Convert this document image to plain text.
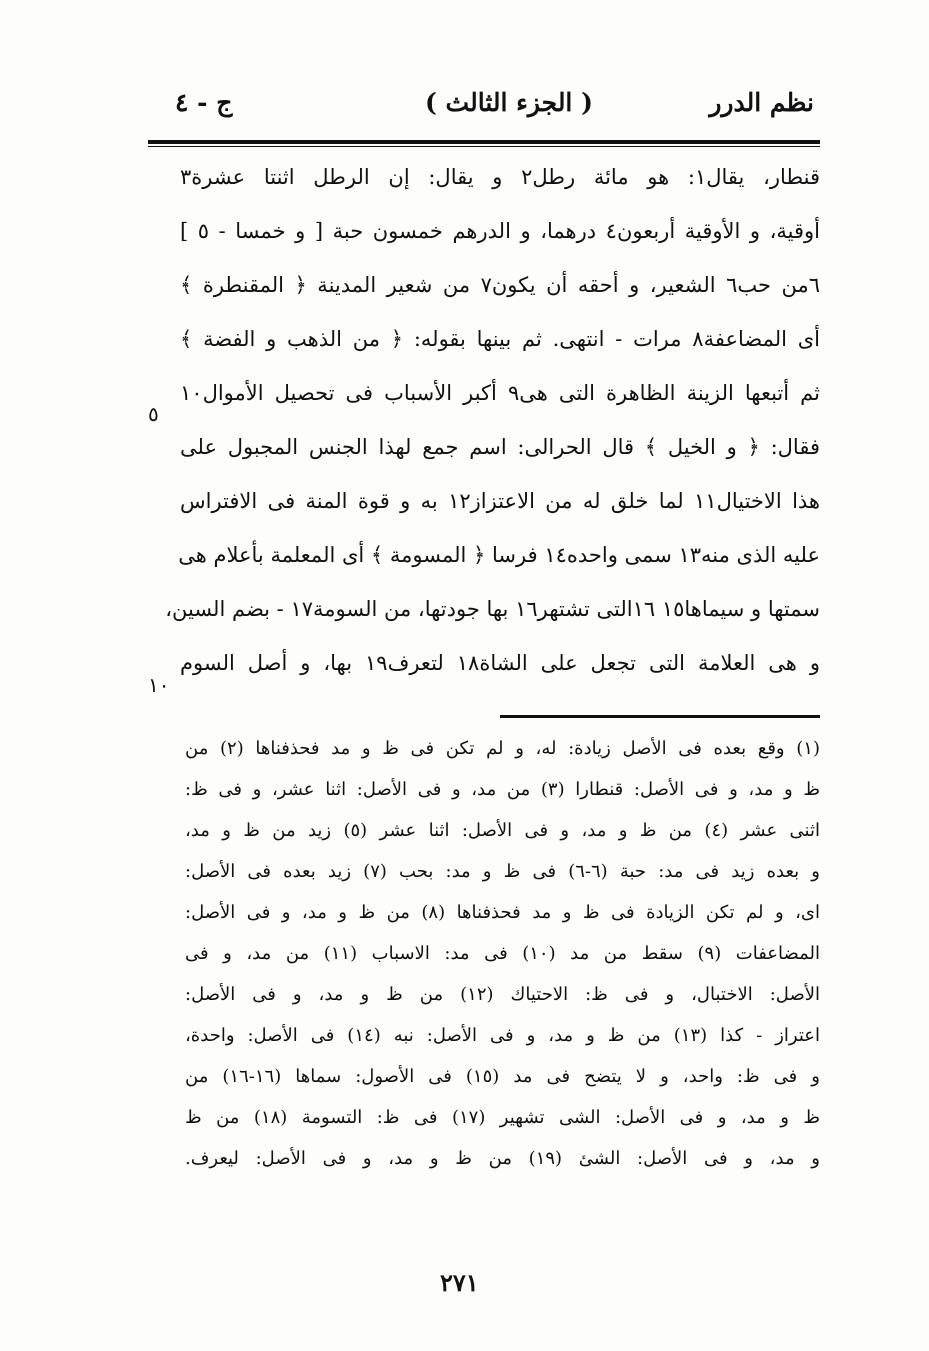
نظم الدرر
( الجزء الثالث )
ج - ٤
قنطار، يقال١: هو مائة رطل٢ و يقال: إن الرطل اثنتا عشرة٣
أوقية، و الأوقية أربعون٤ درهما، و الدرهم خمسون حبة [ و خمسا - ٥ ]
٦من حب٦ الشعير، و أحقه أن يكون٧ من شعير المدينة ﴿ المقنطرة ﴾
أى المضاعفة٨ مرات - انتهى. ثم بينها بقوله: ﴿ من الذهب و الفضة ﴾
ثم أتبعها الزينة الظاهرة التى هى٩ أكبر الأسباب فى تحصيل الأموال١٠
فقال: ﴿ و الخيل ﴾ قال الحرالى: اسم جمع لهذا الجنس المجبول على
هذا الاختيال١١ لما خلق له من الاعتزاز١٢ به و قوة المنة فى الافتراس
عليه الذى منه١٣ سمى واحده١٤ فرسا ﴿ المسومة ﴾ أى المعلمة بأعلام هى
سمتها و سيماها١٥ ١٦التى تشتهر١٦ بها جودتها، من السومة١٧ - بضم السين،
و هى العلامة التى تجعل على الشاة١٨ لتعرف١٩ بها، و أصل السوم
٥
١٠
(١) وقع بعده فى الأصل زيادة: له، و لم تكن فى ظ و مد فحذفناها (٢) من
ظ و مد، و فى الأصل: قنطارا (٣) من مد، و فى الأصل: اثنا عشر، و فى ظ:
اثنى عشر (٤) من ظ و مد، و فى الأصل: اثنا عشر (٥) زيد من ظ و مد،
و بعده زيد فى مد: حبة (٦-٦) فى ظ و مد: بحب (٧) زيد بعده فى الأصل:
اى، و لم تكن الزيادة فى ظ و مد فحذفناها (٨) من ظ و مد، و فى الأصل:
المضاعفات (٩) سقط من مد (١٠) فى مد: الاسباب (١١) من مد، و فى
الأصل: الاختبال، و فى ظ: الاحتياك (١٢) من ظ و مد، و فى الأصل:
اعتراز - كذا (١٣) من ظ و مد، و فى الأصل: نبه (١٤) فى الأصل: واحدة،
و فى ظ: واحد، و لا يتضح فى مد (١٥) فى الأصول: سماها (١٦-١٦) من
ظ و مد، و فى الأصل: الشى تشهير (١٧) فى ظ: التسومة (١٨) من ظ
و مد، و فى الأصل: الشئ (١٩) من ظ و مد، و فى الأصل: ليعرف.
٢٧١
